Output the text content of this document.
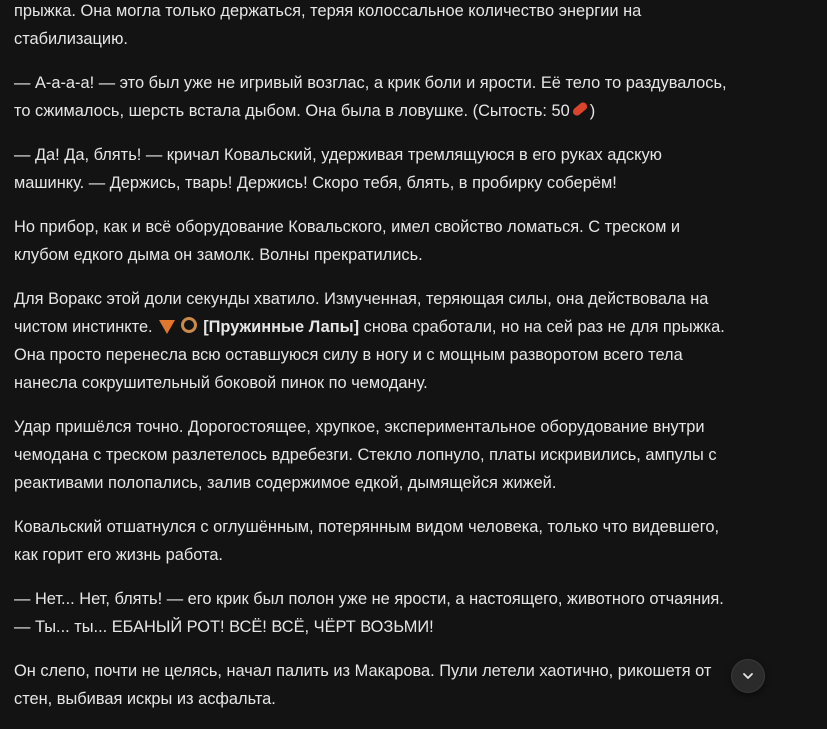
прыжка. Она могла только держаться, теряя колоссальное количество энергии на
стабилизацию.

— А-а-а-а! — это был уже не игривый возглас, а крик боли и ярости. Её тело то раздувалось,
то сжималось, шерсть встала дыбом. Она была в ловушке. (Сытость: 50 )

— Да! Да, блять! — кричал Ковальский, удерживая тремлящуюся в его руках адскую
машинку. — Держись, тварь! Держись! Скоро тебя, блять, в пробирку соберём!

Но прибор, как и всё оборудование Ковальского, имел свойство ломаться. С треском и
клубом едкого дыма он замолк. Волны прекратились.

Для Воракс этой доли секунды хватило. Измученная, теряющая силы, она действовала на
чистом инстинкте.	[Пружинные Лапы] снова сработали, но на сей раз не для прыжка.
Она просто перенесла всю оставшуюся силу в ногу и с мощным разворотом всего тела
нанесла сокрушительный боковой пинок по чемодану.

Удар пришёлся точно. Дорогостоящее, хрупкое, экспериментальное оборудование внутри
чемодана с треском разлетелось вдребезги. Стекло лопнуло, платы искривились, ампулы с
реактивами полопались, залив содержимое едкой, дымящейся жижей.

Ковальский отшатнулся с оглушённым, потерянным видом человека, только что видевшего,
как горит его жизнь работа.

— Нет... Нет, блять! — его крик был полон уже не ярости, а настоящего, животного отчаяния.
— Ты... ты... ЕБАНЫЙ РОТ! ВСЁ! ВСЁ, ЧЁРТ ВОЗЬМИ!

Он слепо, почти не целясь, начал палить из Макарова. Пули летели хаотично, рикошетя от
стен, выбивая искры из асфальта.
